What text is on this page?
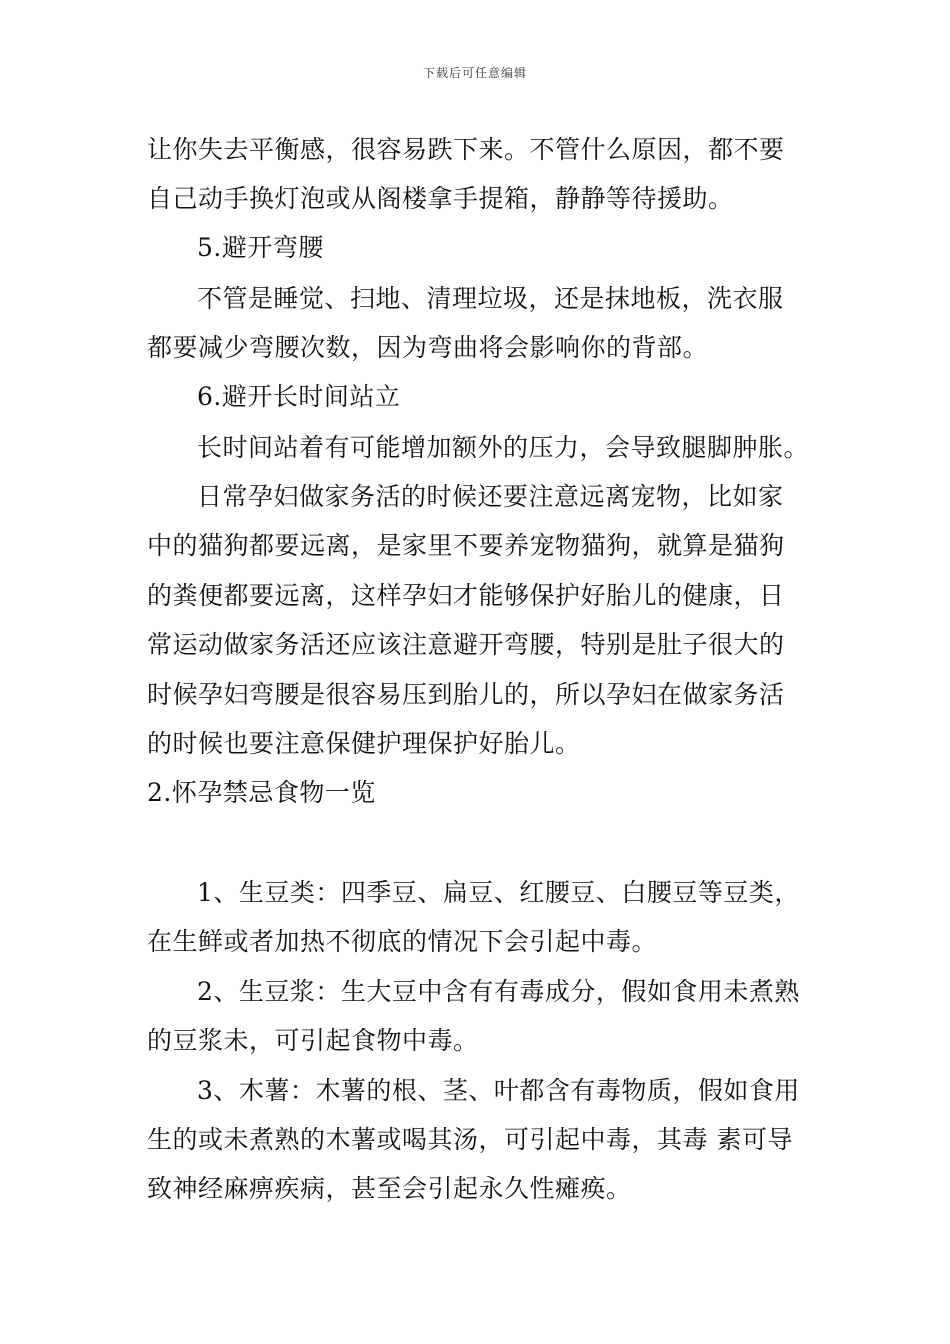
下载后可任意编辑
让你失去平衡感，很容易跌下来。不管什么原因，都不要
自己动手换灯泡或从阁楼拿手提箱，静静等待援助。
5.避开弯腰
不管是睡觉、扫地、清理垃圾，还是抹地板，洗衣服
都要减少弯腰次数，因为弯曲将会影响你的背部。
6.避开长时间站立
长时间站着有可能增加额外的压力，会导致腿脚肿胀。
日常孕妇做家务活的时候还要注意远离宠物，比如家
中的猫狗都要远离，是家里不要养宠物猫狗，就算是猫狗
的粪便都要远离，这样孕妇才能够保护好胎儿的健康，日
常运动做家务活还应该注意避开弯腰，特别是肚子很大的
时候孕妇弯腰是很容易压到胎儿的，所以孕妇在做家务活
的时候也要注意保健护理保护好胎儿。
2.怀孕禁忌食物一览
1、生豆类：四季豆、扁豆、红腰豆、白腰豆等豆类，
在生鲜或者加热不彻底的情况下会引起中毒。
2、生豆浆：生大豆中含有有毒成分，假如食用未煮熟
的豆浆未，可引起食物中毒。
3、木薯：木薯的根、茎、叶都含有毒物质，假如食用
生的或未煮熟的木薯或喝其汤，可引起中毒，其毒 素可导
致神经麻痹疾病，甚至会引起永久性瘫痪。
